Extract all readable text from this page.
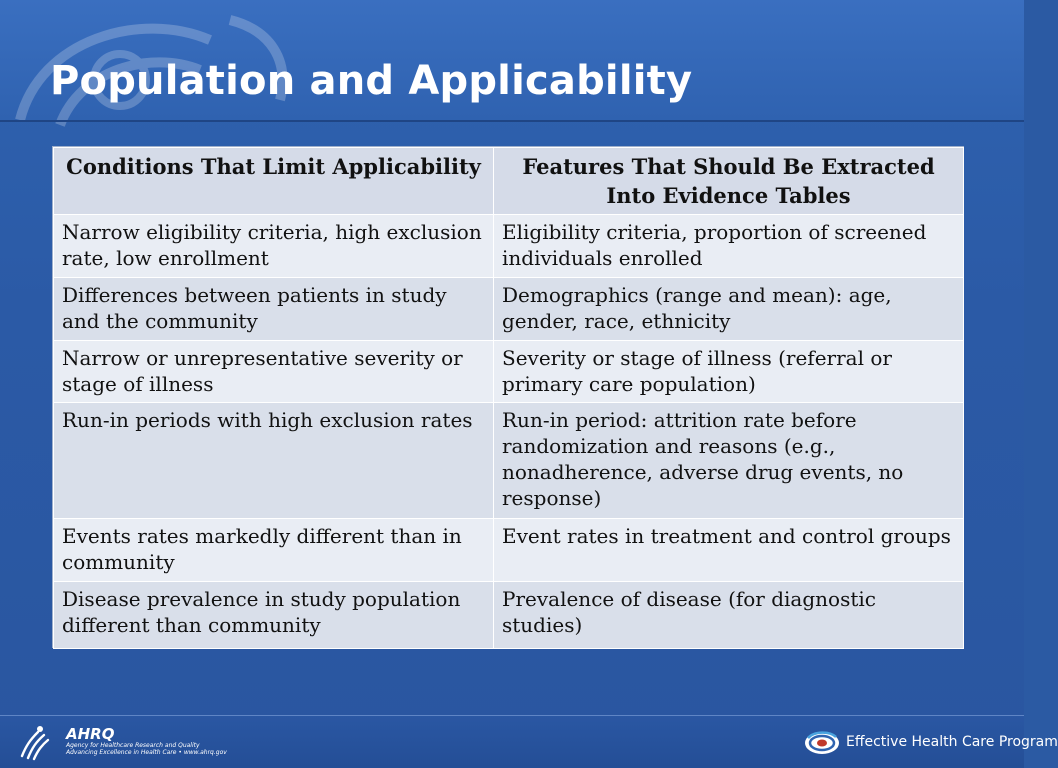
Population and Applicability
Conditions That Limit Applicability	Features That Should Be Extracted Into Evidence Tables
Narrow eligibility criteria, high exclusion rate, low enrollment	Eligibility criteria, proportion of screened individuals enrolled
Differences between patients in study and the community	Demographics (range and mean): age, gender, race, ethnicity
Narrow or unrepresentative severity or stage of illness	Severity or stage of illness (referral or primary care population)
Run-in periods with high exclusion rates	Run-in period: attrition rate before randomization and reasons (e.g., nonadherence, adverse drug events, no response)
Events rates markedly different than in community	Event rates in treatment and control groups
Disease prevalence in study population different than community	Prevalence of disease (for diagnostic studies)
AHRQ
Agency for Healthcare Research and Quality
Advancing Excellence in Health Care • www.ahrq.gov
Effective Health Care Program
